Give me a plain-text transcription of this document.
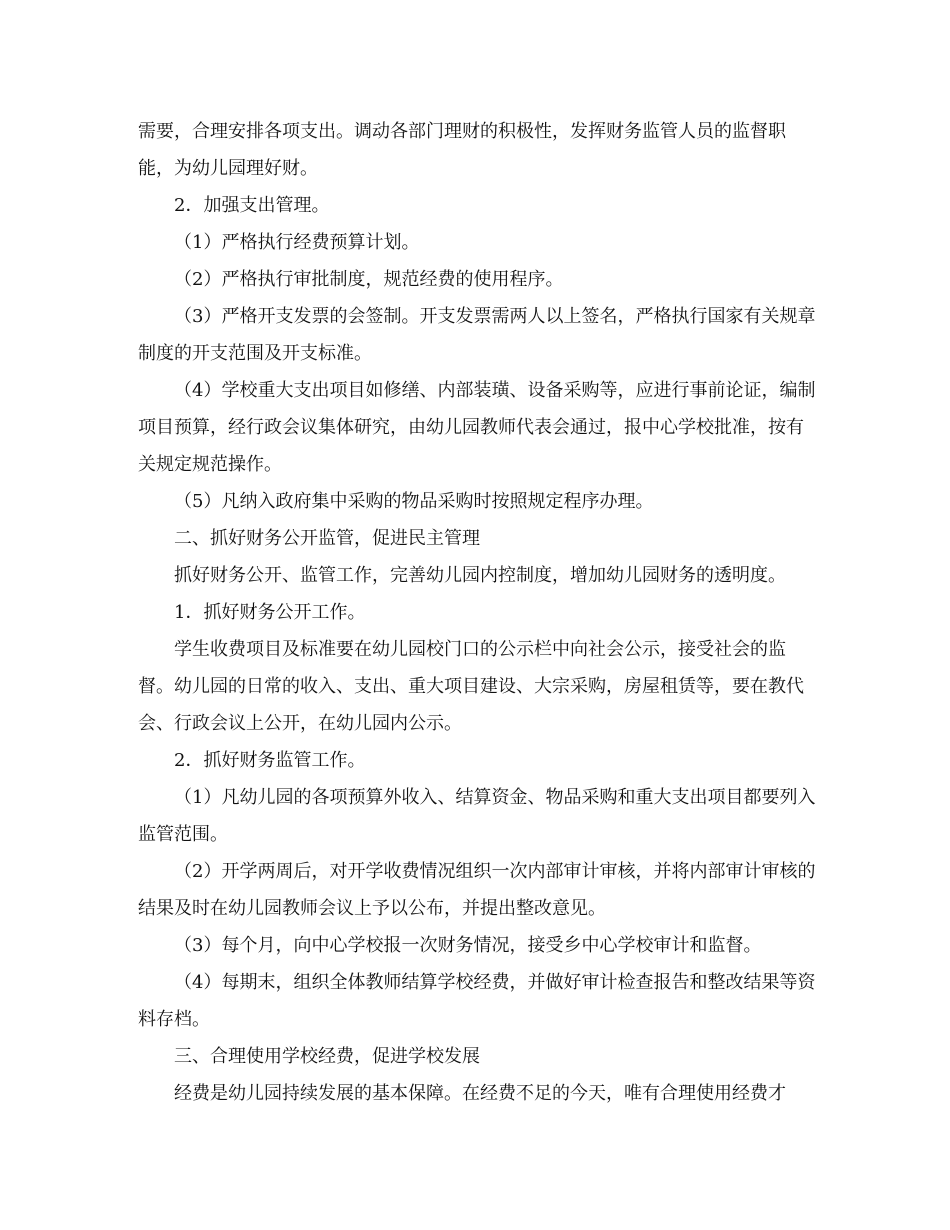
需要，合理安排各项支出。调动各部门理财的积极性，发挥财务监管人员的监督职能，为幼儿园理好财。

2．加强支出管理。

（1）严格执行经费预算计划。

（2）严格执行审批制度，规范经费的使用程序。

（3）严格开支发票的会签制。开支发票需两人以上签名，严格执行国家有关规章制度的开支范围及开支标准。

（4）学校重大支出项目如修缮、内部装璜、设备采购等，应进行事前论证，编制项目预算，经行政会议集体研究，由幼儿园教师代表会通过，报中心学校批准，按有关规定规范操作。

（5）凡纳入政府集中采购的物品采购时按照规定程序办理。

二、抓好财务公开监管，促进民主管理

抓好财务公开、监管工作，完善幼儿园内控制度，增加幼儿园财务的透明度。

1．抓好财务公开工作。

学生收费项目及标准要在幼儿园校门口的公示栏中向社会公示，接受社会的监督。幼儿园的日常的收入、支出、重大项目建设、大宗采购，房屋租赁等，要在教代会、行政会议上公开，在幼儿园内公示。

2．抓好财务监管工作。

（1）凡幼儿园的各项预算外收入、结算资金、物品采购和重大支出项目都要列入监管范围。

（2）开学两周后，对开学收费情况组织一次内部审计审核，并将内部审计审核的结果及时在幼儿园教师会议上予以公布，并提出整改意见。

（3）每个月，向中心学校报一次财务情况，接受乡中心学校审计和监督。

（4）每期末，组织全体教师结算学校经费，并做好审计检查报告和整改结果等资料存档。

三、合理使用学校经费，促进学校发展

经费是幼儿园持续发展的基本保障。在经费不足的今天，唯有合理使用经费才
